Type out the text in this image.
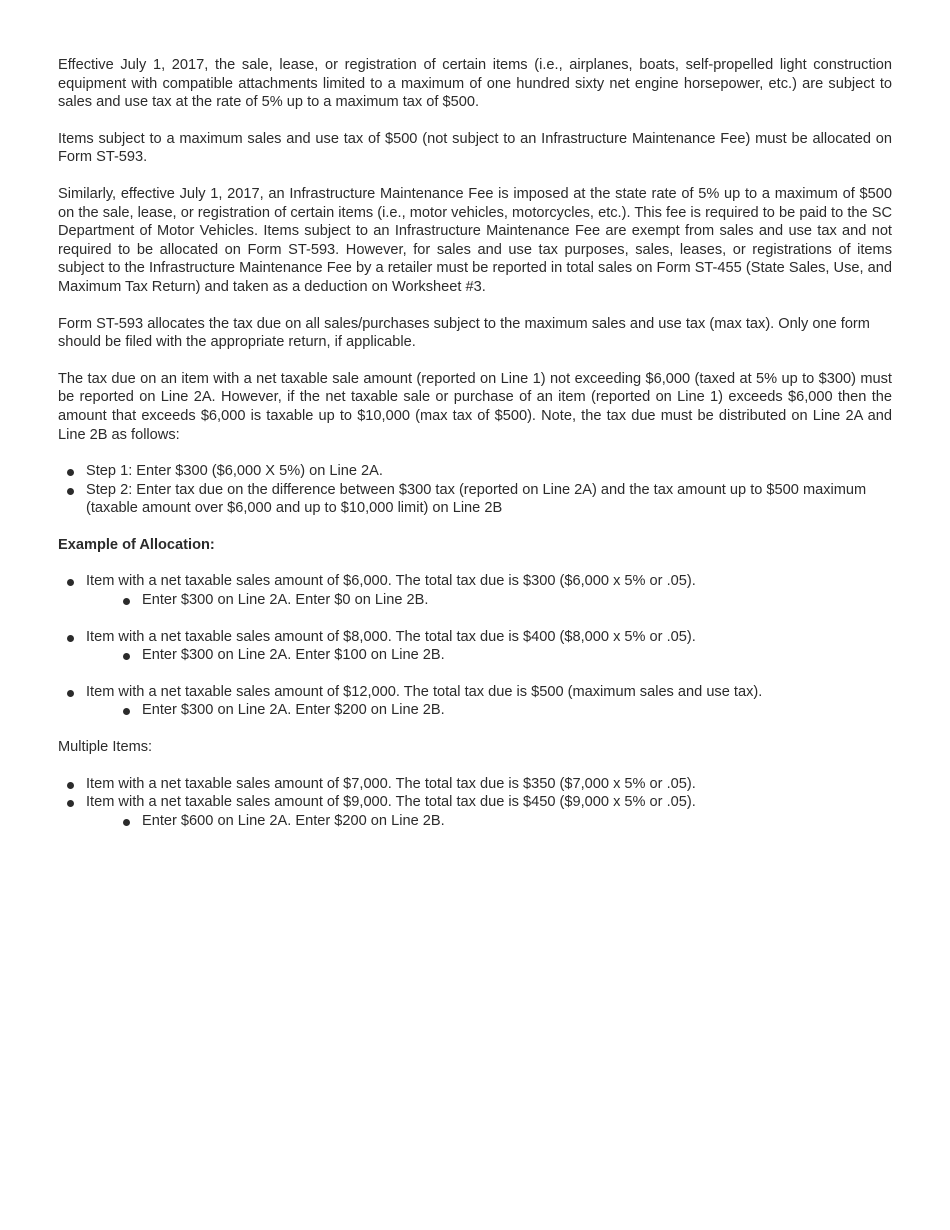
Effective July 1, 2017, the sale, lease, or registration of certain items (i.e., airplanes, boats, self-propelled light construction equipment with compatible attachments limited to a maximum of one hundred sixty net engine horsepower, etc.) are subject to sales and use tax at the rate of 5% up to a maximum tax of $500.

Items subject to a maximum sales and use tax of $500 (not subject to an Infrastructure Maintenance Fee) must be allocated on Form ST-593.

Similarly, effective July 1, 2017, an Infrastructure Maintenance Fee is imposed at the state rate of 5% up to a maximum of $500 on the sale, lease, or registration of certain items (i.e., motor vehicles, motorcycles, etc.). This fee is required to be paid to the SC Department of Motor Vehicles. Items subject to an Infrastructure Maintenance Fee are exempt from sales and use tax and not required to be allocated on Form ST-593. However, for sales and use tax purposes, sales, leases, or registrations of items subject to the Infrastructure Maintenance Fee by a retailer must be reported in total sales on Form ST-455 (State Sales, Use, and Maximum Tax Return) and taken as a deduction on Worksheet #3.

Form ST-593 allocates the tax due on all sales/purchases subject to the maximum sales and use tax (max tax). Only one form should be filed with the appropriate return, if applicable.

The tax due on an item with a net taxable sale amount (reported on Line 1) not exceeding $6,000 (taxed at 5% up to $300) must be reported on Line 2A. However, if the net taxable sale or purchase of an item (reported on Line 1) exceeds $6,000 then the amount that exceeds $6,000 is taxable up to $10,000 (max tax of $500). Note, the tax due must be distributed on Line 2A and Line 2B as follows:

Step 1: Enter $300 ($6,000 X 5%) on Line 2A.
Step 2: Enter tax due on the difference between $300 tax (reported on Line 2A) and the tax amount up to $500 maximum (taxable amount over $6,000 and up to $10,000 limit) on Line 2B
Example of Allocation:
Item with a net taxable sales amount of $6,000. The total tax due is $300 ($6,000 x 5% or .05).
Enter $300 on Line 2A. Enter $0 on Line 2B.
Item with a net taxable sales amount of $8,000. The total tax due is $400 ($8,000 x 5% or .05).
Enter $300 on Line 2A. Enter $100 on Line 2B.
Item with a net taxable sales amount of $12,000. The total tax due is $500 (maximum sales and use tax).
Enter $300 on Line 2A. Enter $200 on Line 2B.
Multiple Items:
Item with a net taxable sales amount of $7,000. The total tax due is $350 ($7,000 x 5% or .05).
Item with a net taxable sales amount of $9,000. The total tax due is $450 ($9,000 x 5% or .05).
Enter $600 on Line 2A. Enter $200 on Line 2B.
